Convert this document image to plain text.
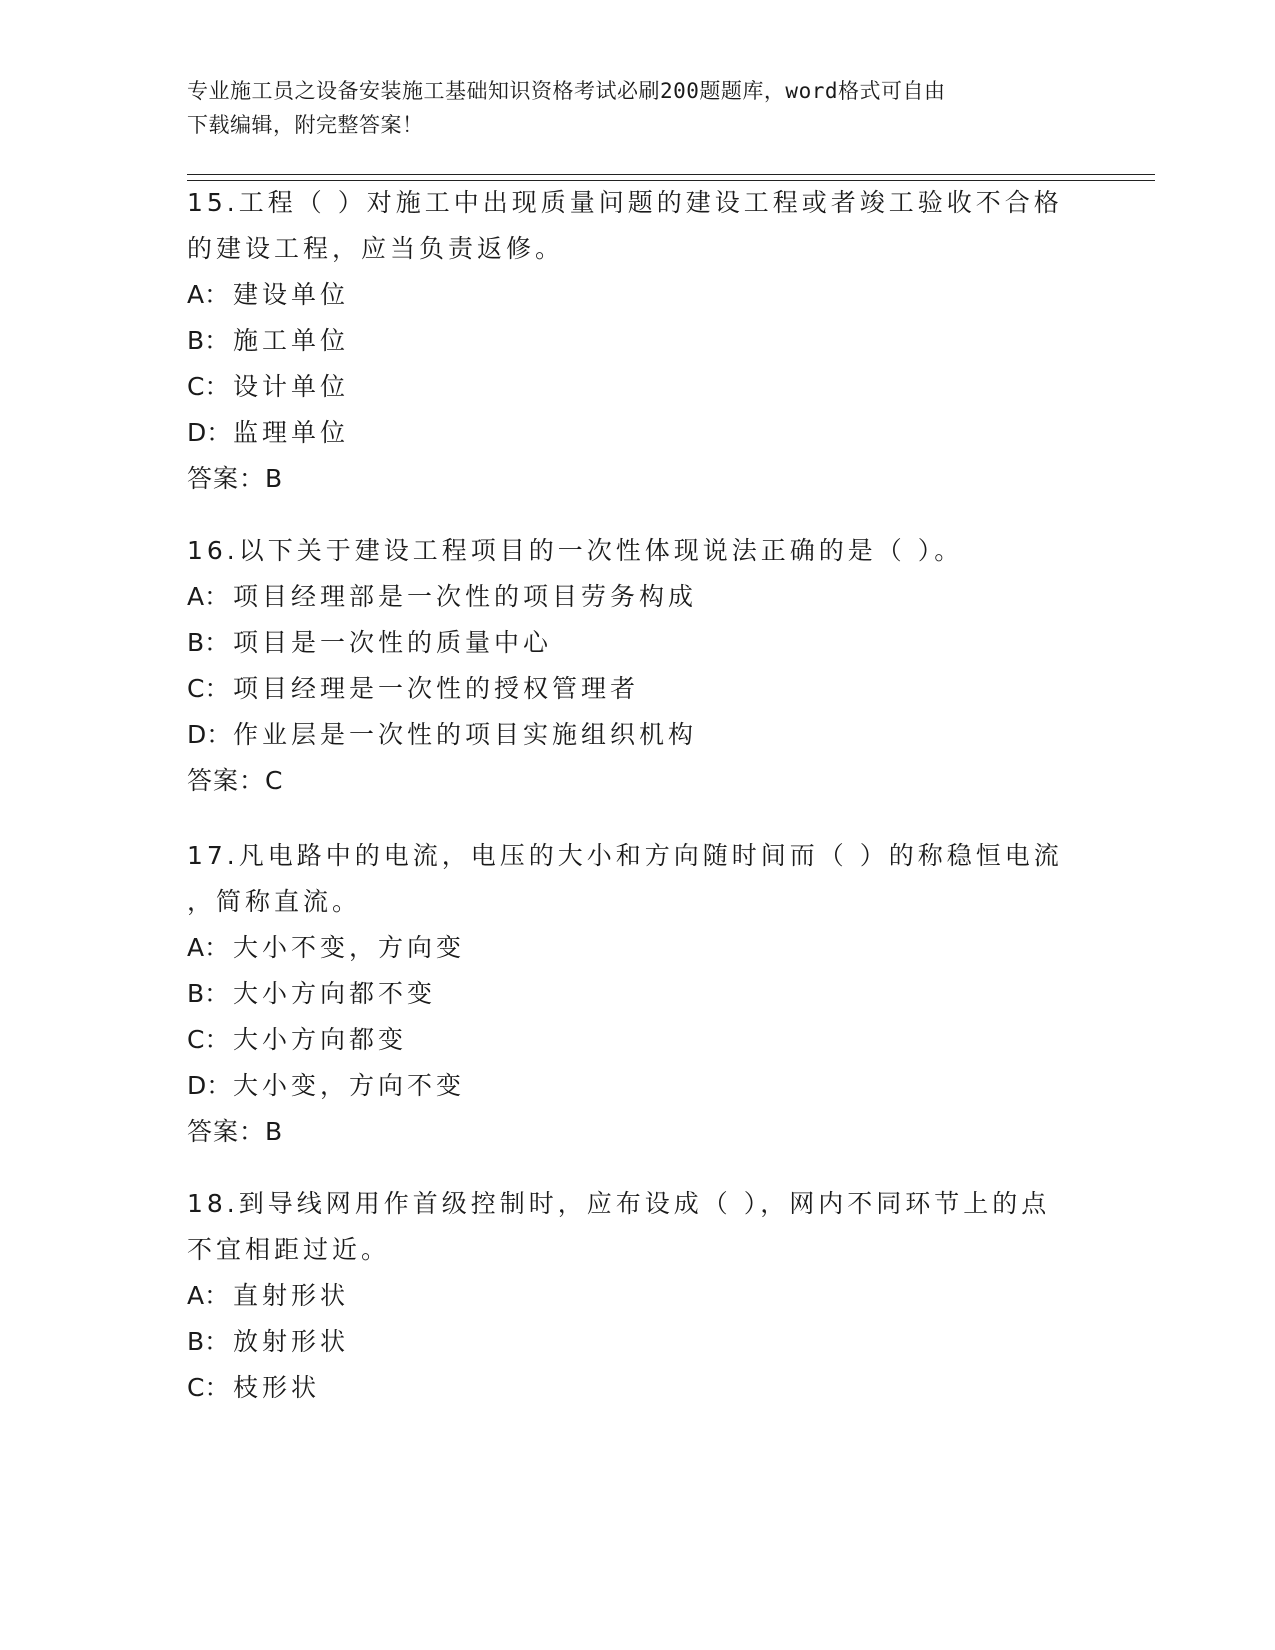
专业施工员之设备安装施工基础知识资格考试必刷200题题库，word格式可自由
下载编辑，附完整答案！

15.工程（ ）对施工中出现质量问题的建设工程或者竣工验收不合格

的建设工程，应当负责返修。

A： 建设单位

B： 施工单位

C： 设计单位

D： 监理单位

答案：B

16.以下关于建设工程项目的一次性体现说法正确的是（ ）。

A： 项目经理部是一次性的项目劳务构成

B： 项目是一次性的质量中心

C： 项目经理是一次性的授权管理者

D： 作业层是一次性的项目实施组织机构

答案：C

17.凡电路中的电流，电压的大小和方向随时间而（ ）的称稳恒电流

，简称直流。

A： 大小不变，方向变

B： 大小方向都不变

C： 大小方向都变

D： 大小变，方向不变

答案：B

18.到导线网用作首级控制时，应布设成（ ），网内不同环节上的点

不宜相距过近。

A： 直射形状

B： 放射形状

C： 枝形状
